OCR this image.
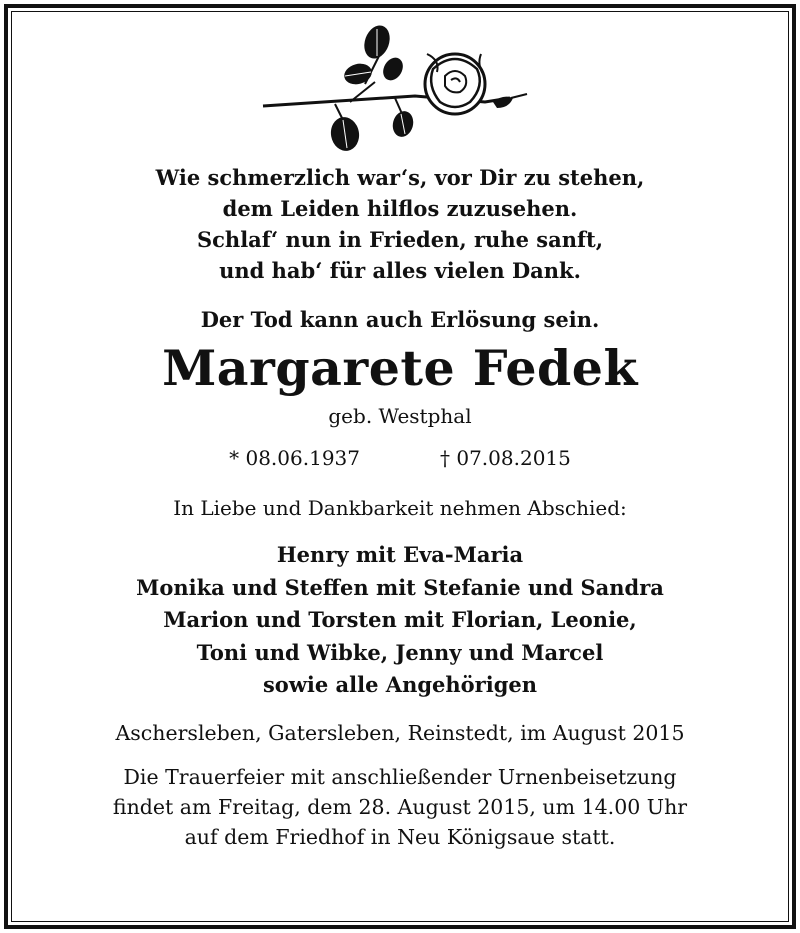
Wie schmerzlich war‘s, vor Dir zu stehen,
dem Leiden hilflos zuzusehen.
Schlaf‘ nun in Frieden, ruhe sanft,
und hab‘ für alles vielen Dank.
Der Tod kann auch Erlösung sein.
Margarete Fedek
geb. Westphal
* 08.06.1937	† 07.08.2015
In Liebe und Dankbarkeit nehmen Abschied:
Henry mit Eva-Maria
Monika und Steffen mit Stefanie und Sandra
Marion und Torsten mit Florian, Leonie,
Toni und Wibke, Jenny und Marcel
sowie alle Angehörigen
Aschersleben, Gatersleben, Reinstedt, im August 2015
Die Trauerfeier mit anschließender Urnenbeisetzung
findet am Freitag, dem 28. August 2015, um 14.00 Uhr
auf dem Friedhof in Neu Königsaue statt.
